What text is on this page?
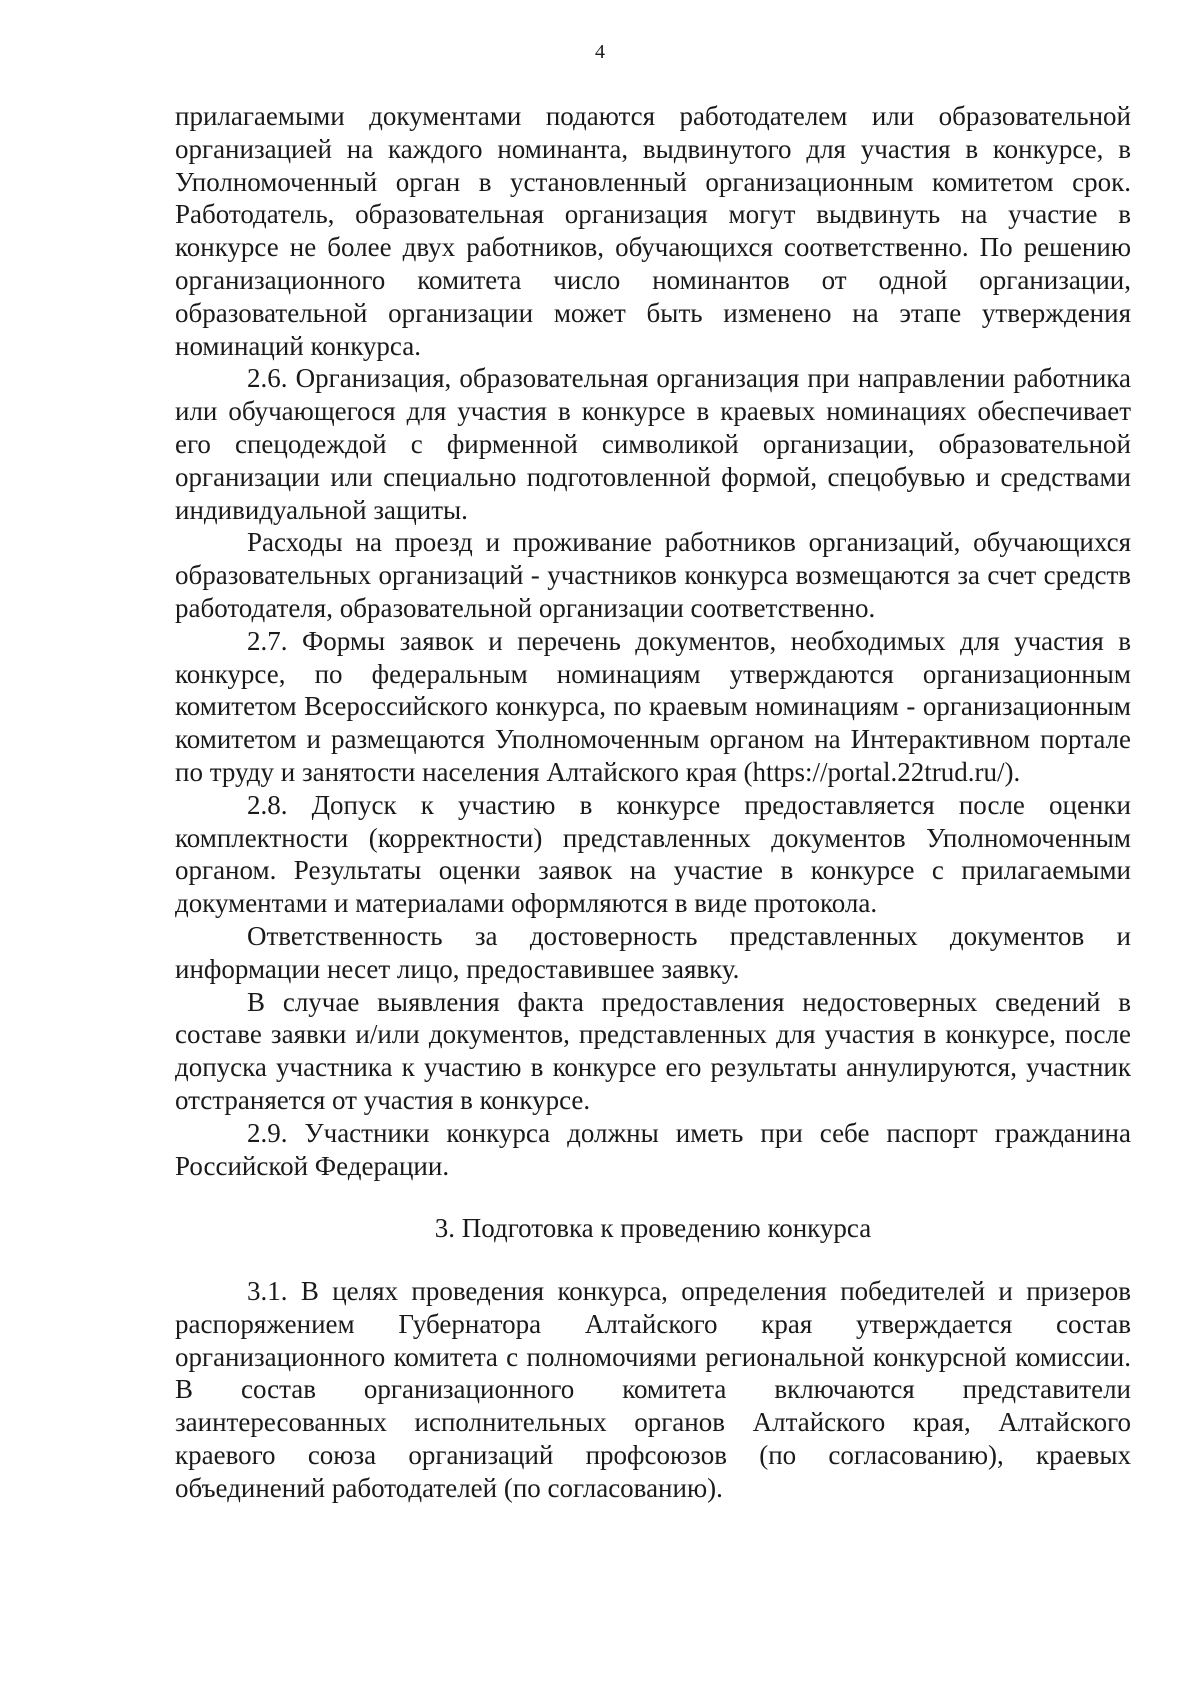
4

прилагаемыми документами подаются работодателем или образовательной организацией на каждого номинанта, выдвинутого для участия в конкурсе, в Уполномоченный орган в установленный организационным комитетом срок. Работодатель, образовательная организация могут выдвинуть на участие в конкурсе не более двух работников, обучающихся соответственно. По решению организационного комитета число номинантов от одной организации, образовательной организации может быть изменено на этапе утверждения номинаций конкурса.

2.6. Организация, образовательная организация при направлении работника или обучающегося для участия в конкурсе в краевых номинациях обеспечивает его спецодеждой с фирменной символикой организации, образовательной организации или специально подготовленной формой, спецобувью и средствами индивидуальной защиты.

Расходы на проезд и проживание работников организаций, обучающихся образовательных организаций - участников конкурса возмещаются за счет средств работодателя, образовательной организации соответственно.

2.7. Формы заявок и перечень документов, необходимых для участия в конкурсе, по федеральным номинациям утверждаются организационным комитетом Всероссийского конкурса, по краевым номинациям - организационным комитетом и размещаются Уполномоченным органом на Интерактивном портале по труду и занятости населения Алтайского края (https://portal.22trud.ru/).

2.8. Допуск к участию в конкурсе предоставляется после оценки комплектности (корректности) представленных документов Уполномоченным органом. Результаты оценки заявок на участие в конкурсе с прилагаемыми документами и материалами оформляются в виде протокола.

Ответственность за достоверность представленных документов и информации несет лицо, предоставившее заявку.

В случае выявления факта предоставления недостоверных сведений в составе заявки и/или документов, представленных для участия в конкурсе, после допуска участника к участию в конкурсе его результаты аннулируются, участник отстраняется от участия в конкурсе.

2.9. Участники конкурса должны иметь при себе паспорт гражданина Российской Федерации.

3. Подготовка к проведению конкурса

3.1. В целях проведения конкурса, определения победителей и призеров распоряжением Губернатора Алтайского края утверждается состав организационного комитета с полномочиями региональной конкурсной комиссии. В состав организационного комитета включаются представители заинтересованных исполнительных органов Алтайского края, Алтайского краевого союза организаций профсоюзов (по согласованию), краевых объединений работодателей (по согласованию).
